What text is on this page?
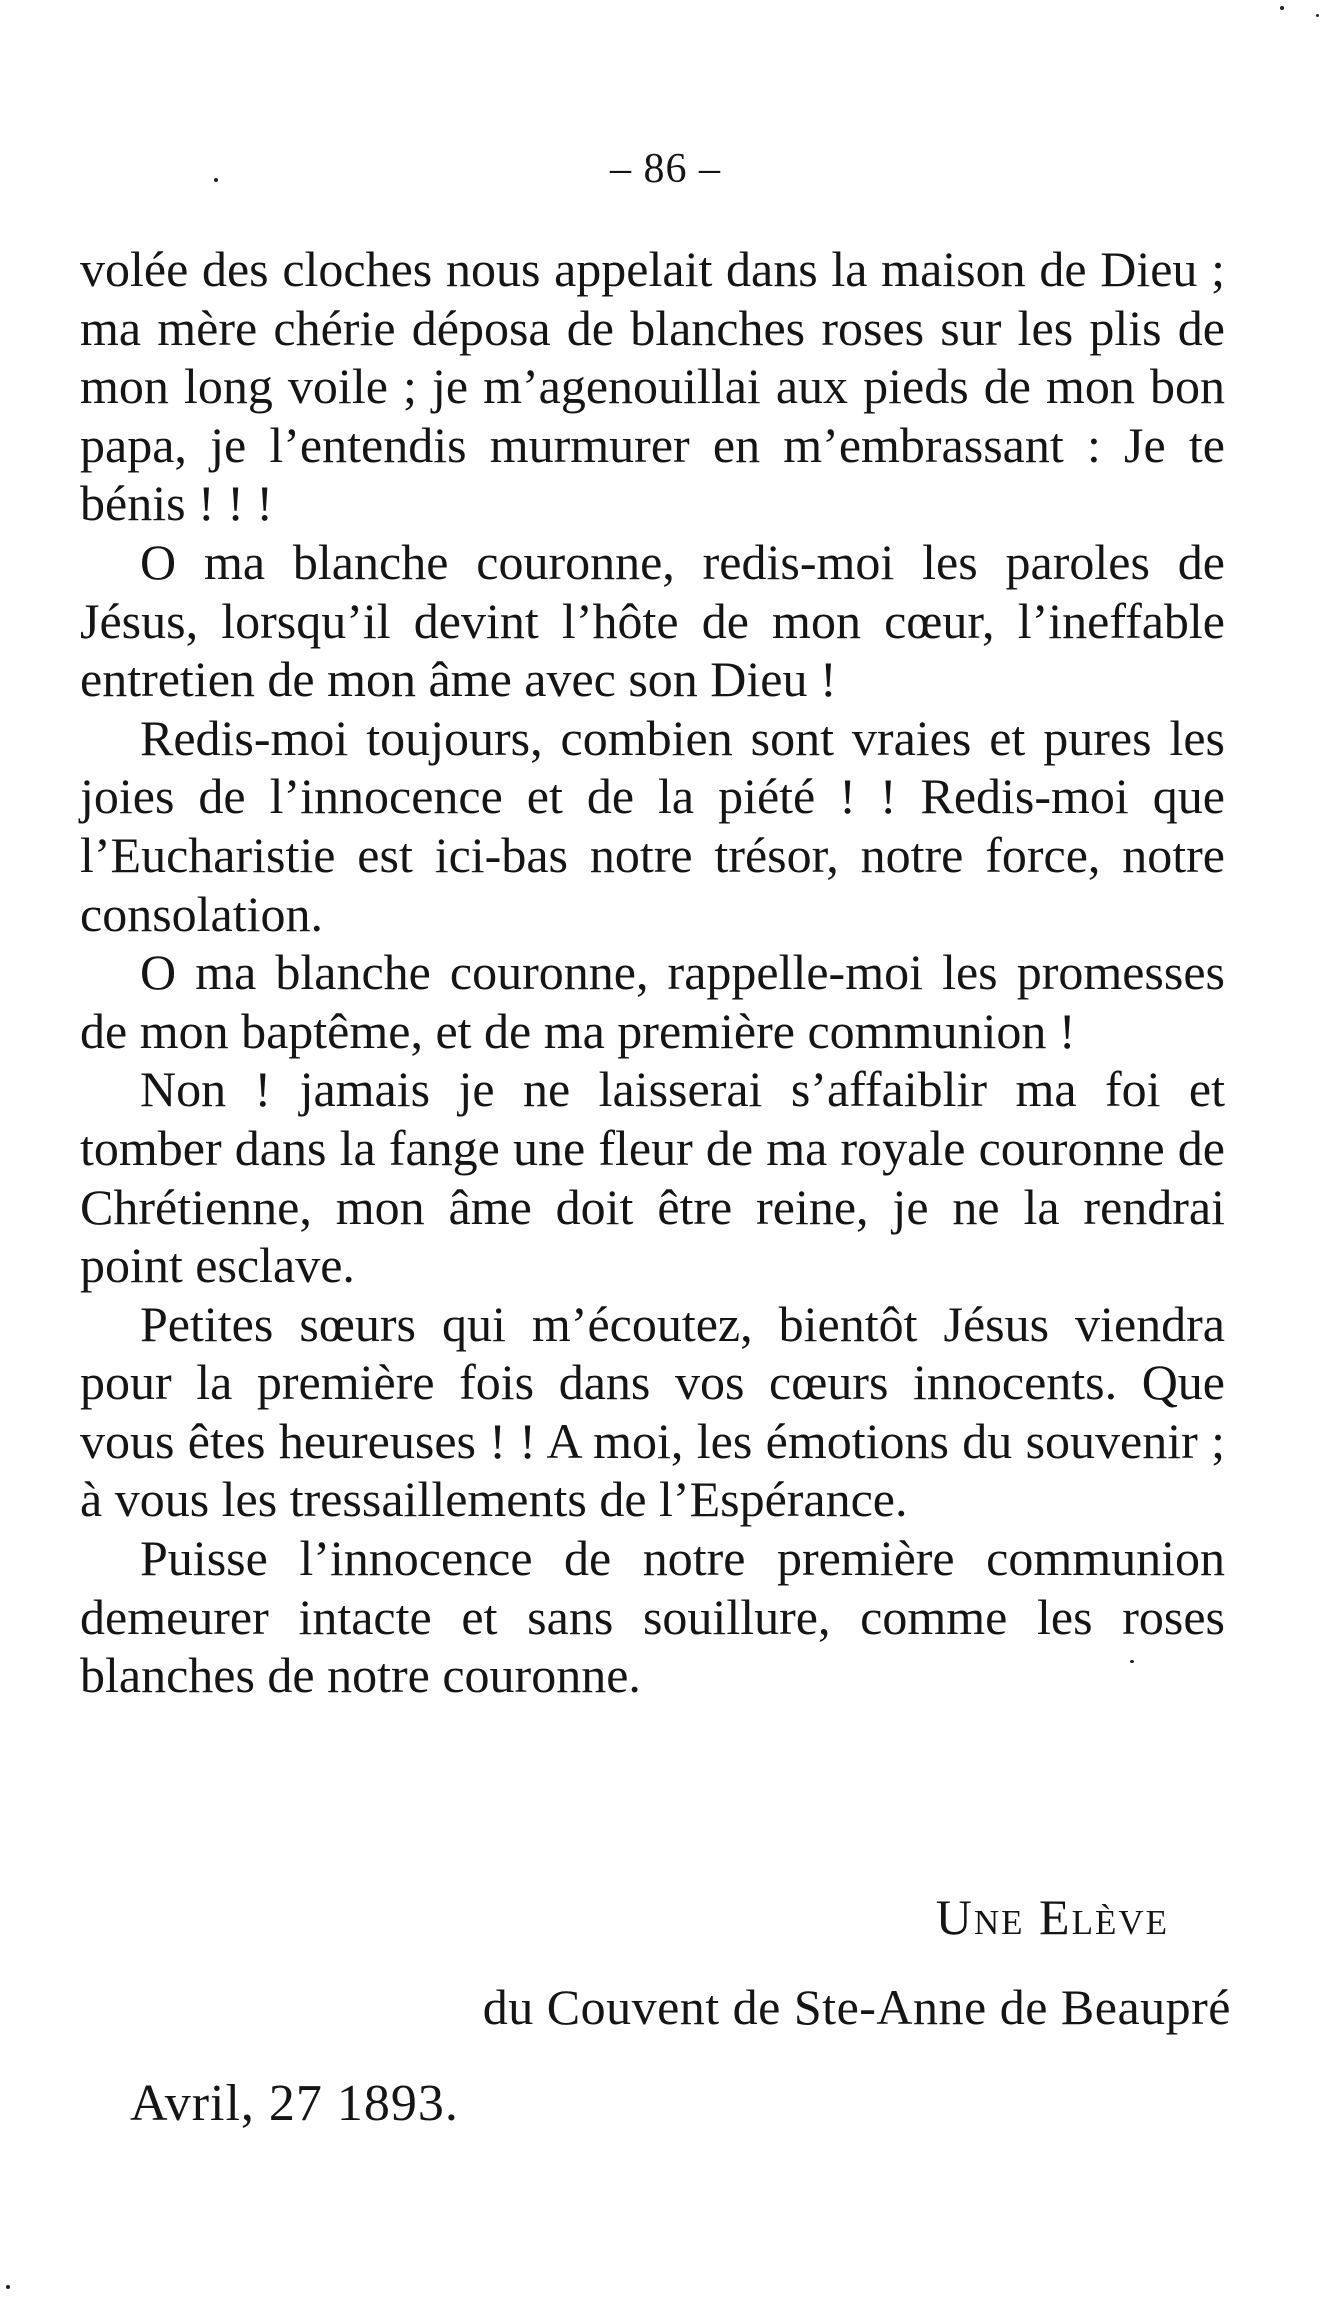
– 86 –

volée des cloches nous appelait dans la maison de Dieu ; ma mère chérie déposa de blanches roses sur les plis de mon long voile ; je m’agenouillai aux pieds de mon bon papa, je l’entendis murmurer en m’embrassant : Je te bénis ! ! !

O ma blanche couronne, redis-moi les paroles de Jésus, lorsqu’il devint l’hôte de mon cœur, l’ineffable entretien de mon âme avec son Dieu !

Redis-moi toujours, combien sont vraies et pures les joies de l’innocence et de la piété ! ! Redis-moi que l’Eucharistie est ici-bas notre trésor, notre force, notre consolation.

O ma blanche couronne, rappelle-moi les promesses de mon baptême, et de ma première communion !

Non ! jamais je ne laisserai s’affaiblir ma foi et tomber dans la fange une fleur de ma royale couronne de Chrétienne, mon âme doit être reine, je ne la rendrai point esclave.

Petites sœurs qui m’écoutez, bientôt Jésus viendra pour la première fois dans vos cœurs innocents. Que vous êtes heureuses ! ! A moi, les émotions du souvenir ; à vous les tressaillements de l’Espérance.

Puisse l’innocence de notre première communion demeurer intacte et sans souillure, comme les roses blanches de notre couronne.

Une Elève
du Couvent de Ste-Anne de Beaupré
Avril, 27 1893.
